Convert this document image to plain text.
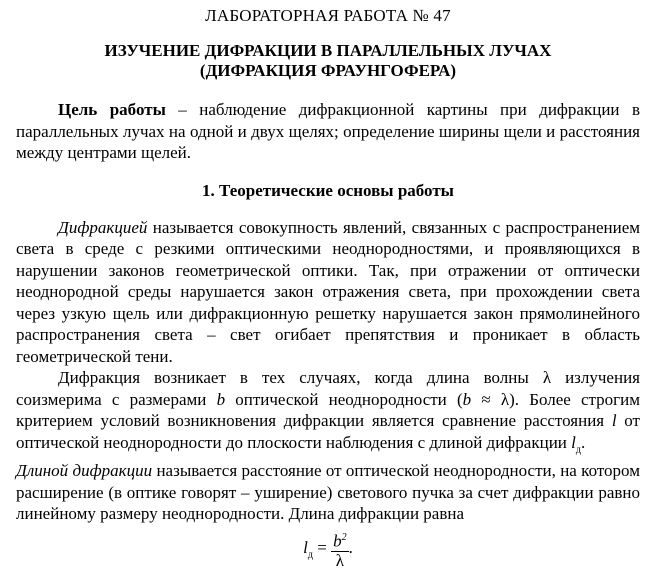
ЛАБОРАТОРНАЯ РАБОТА № 47
ИЗУЧЕНИЕ ДИФРАКЦИИ В ПАРАЛЛЕЛЬНЫХ ЛУЧАХ
(ДИФРАКЦИЯ ФРАУНГОФЕРА)

Цель работы – наблюдение дифракционной картины при дифракции в параллельных лучах на одной и двух щелях; определение ширины щели и расстояния между центрами щелей.

1. Теоретические основы работы

Дифракцией называется совокупность явлений, связанных с распространением света в среде с резкими оптическими неоднородностями, и проявляющихся в нарушении законов геометрической оптики. Так, при отражении от оптически неоднородной среды нарушается закон отражения света, при прохождении света через узкую щель или дифракционную решетку нарушается закон прямолинейного распространения света – свет огибает препятствия и проникает в область геометрической тени.

Дифракция возникает в тех случаях, когда длина волны λ излучения соизмерима с размерами b оптической неоднородности (b ≈ λ). Более строгим критерием условий возникновения дифракции является сравнение расстояния l от оптической неоднородности до плоскости наблюдения с длиной дифракции $l_д$.

Длиной дифракции называется расстояние от оптической неоднородности, на котором расширение (в оптике говорят – уширение) светового пучка за счет дифракции равно линейному размеру неоднородности. Длина дифракции равна

$l_д = \frac{b^2}{\lambda}$ .
